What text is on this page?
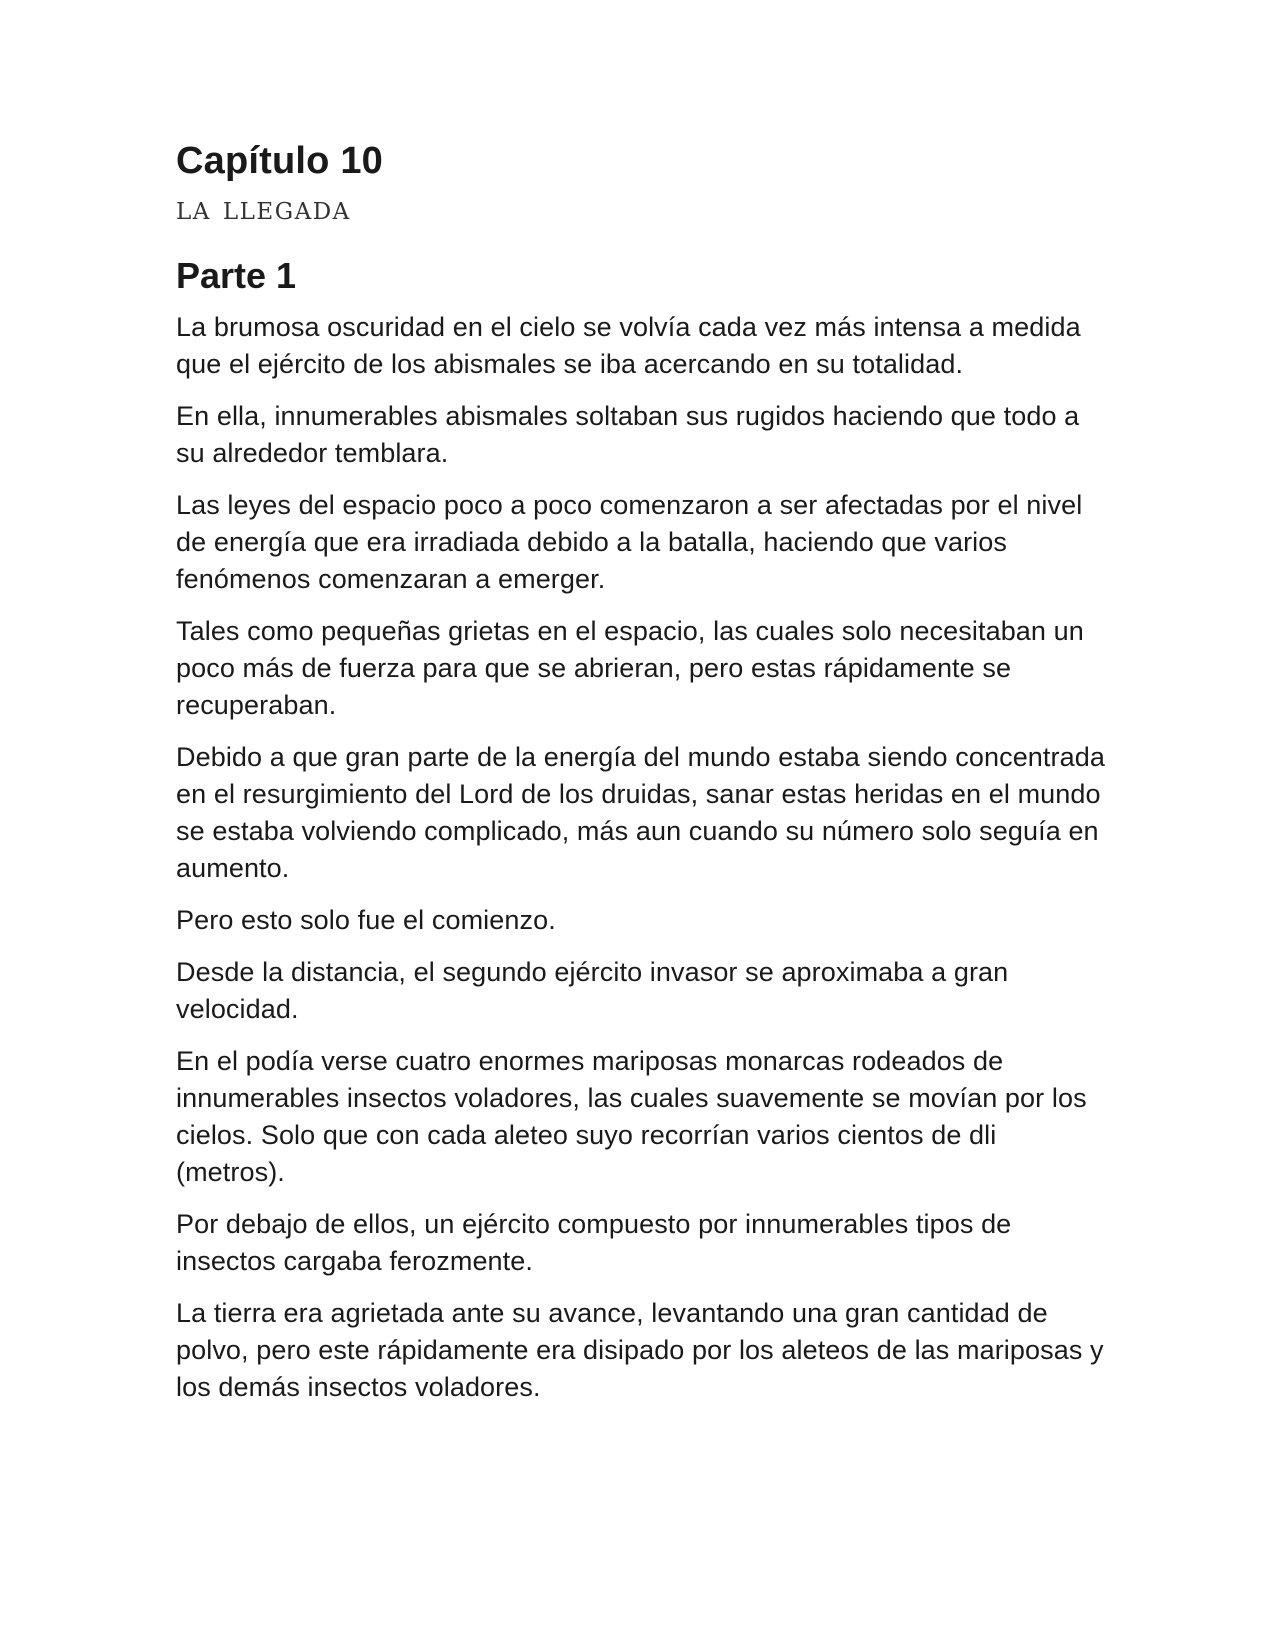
Capítulo 10
la llegada
Parte 1

La brumosa oscuridad en el cielo se volvía cada vez más intensa a medida que el ejército de los abismales se iba acercando en su totalidad.

En ella, innumerables abismales soltaban sus rugidos haciendo que todo a su alrededor temblara.

Las leyes del espacio poco a poco comenzaron a ser afectadas por el nivel de energía que era irradiada debido a la batalla, haciendo que varios fenómenos comenzaran a emerger.

Tales como pequeñas grietas en el espacio, las cuales solo necesitaban un poco más de fuerza para que se abrieran, pero estas rápidamente se recuperaban.

Debido a que gran parte de la energía del mundo estaba siendo concentrada en el resurgimiento del Lord de los druidas, sanar estas heridas en el mundo se estaba volviendo complicado, más aun cuando su número solo seguía en aumento.

Pero esto solo fue el comienzo.

Desde la distancia, el segundo ejército invasor se aproximaba a gran velocidad.

En el podía verse cuatro enormes mariposas monarcas rodeados de innumerables insectos voladores, las cuales suavemente se movían por los cielos. Solo que con cada aleteo suyo recorrían varios cientos de dli (metros).

Por debajo de ellos, un ejército compuesto por innumerables tipos de insectos cargaba ferozmente.

La tierra era agrietada ante su avance, levantando una gran cantidad de polvo, pero este rápidamente era disipado por los aleteos de las mariposas y los demás insectos voladores.
